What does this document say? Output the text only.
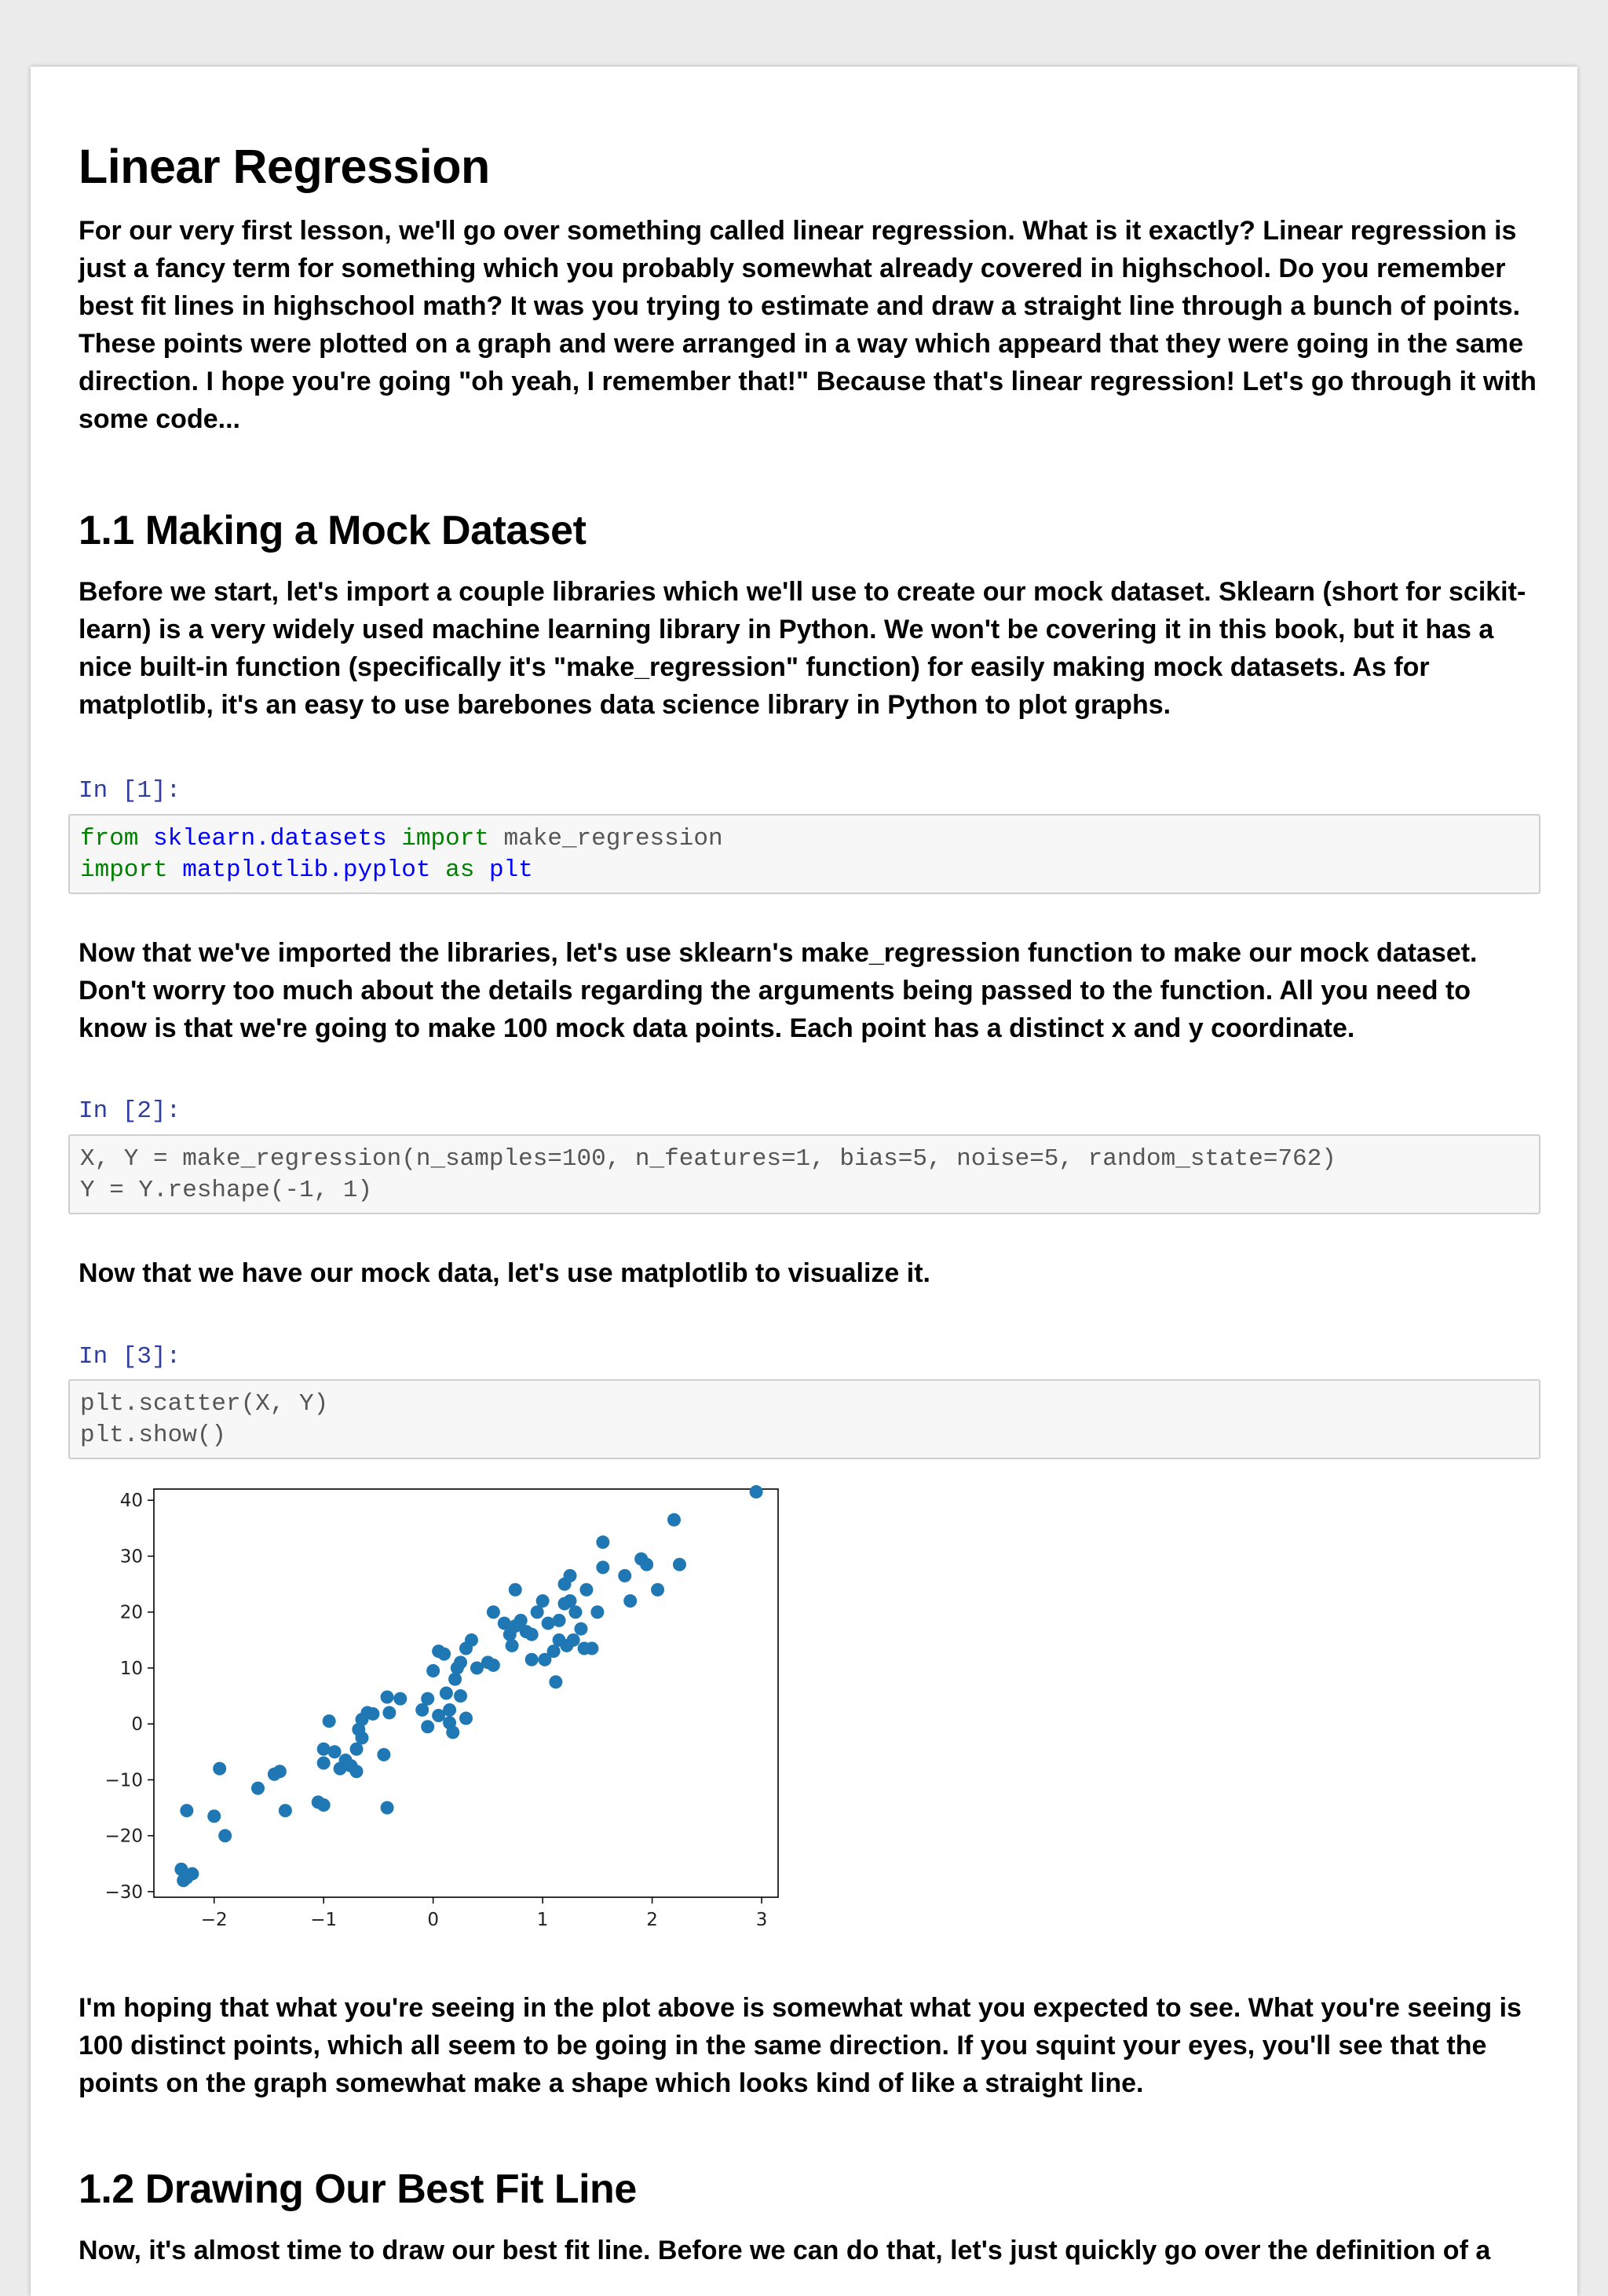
Linear Regression

For our very first lesson, we'll go over something called linear regression. What is it exactly? Linear regression is just a fancy term for something which you probably somewhat already covered in highschool. Do you remember best fit lines in highschool math? It was you trying to estimate and draw a straight line through a bunch of points. These points were plotted on a graph and were arranged in a way which appeard that they were going in the same direction. I hope you're going "oh yeah, I remember that!" Because that's linear regression! Let's go through it with some code...

1.1 Making a Mock Dataset

Before we start, let's import a couple libraries which we'll use to create our mock dataset. Sklearn (short for scikit-learn) is a very widely used machine learning library in Python. We won't be covering it in this book, but it has a nice built-in function (specifically it's "make_regression" function) for easily making mock datasets. As for matplotlib, it's an easy to use barebones data science library in Python to plot graphs.

In [1]:
from sklearn.datasets import make_regression
import matplotlib.pyplot as plt

Now that we've imported the libraries, let's use sklearn's make_regression function to make our mock dataset. Don't worry too much about the details regarding the arguments being passed to the function. All you need to know is that we're going to make 100 mock data points. Each point has a distinct x and y coordinate.

In [2]:
X, Y = make_regression(n_samples=100, n_features=1, bias=5, noise=5, random_state=762)
Y = Y.reshape(-1, 1)

Now that we have our mock data, let's use matplotlib to visualize it.

In [3]:
plt.scatter(X, Y)
plt.show()
−2	−1	0	1	2	3
−30
−20
−10
0
10
20
30
40

I'm hoping that what you're seeing in the plot above is somewhat what you expected to see. What you're seeing is 100 distinct points, which all seem to be going in the same direction. If you squint your eyes, you'll see that the points on the graph somewhat make a shape which looks kind of like a straight line.

1.2 Drawing Our Best Fit Line

Now, it's almost time to draw our best fit line. Before we can do that, let's just quickly go over the definition of a
